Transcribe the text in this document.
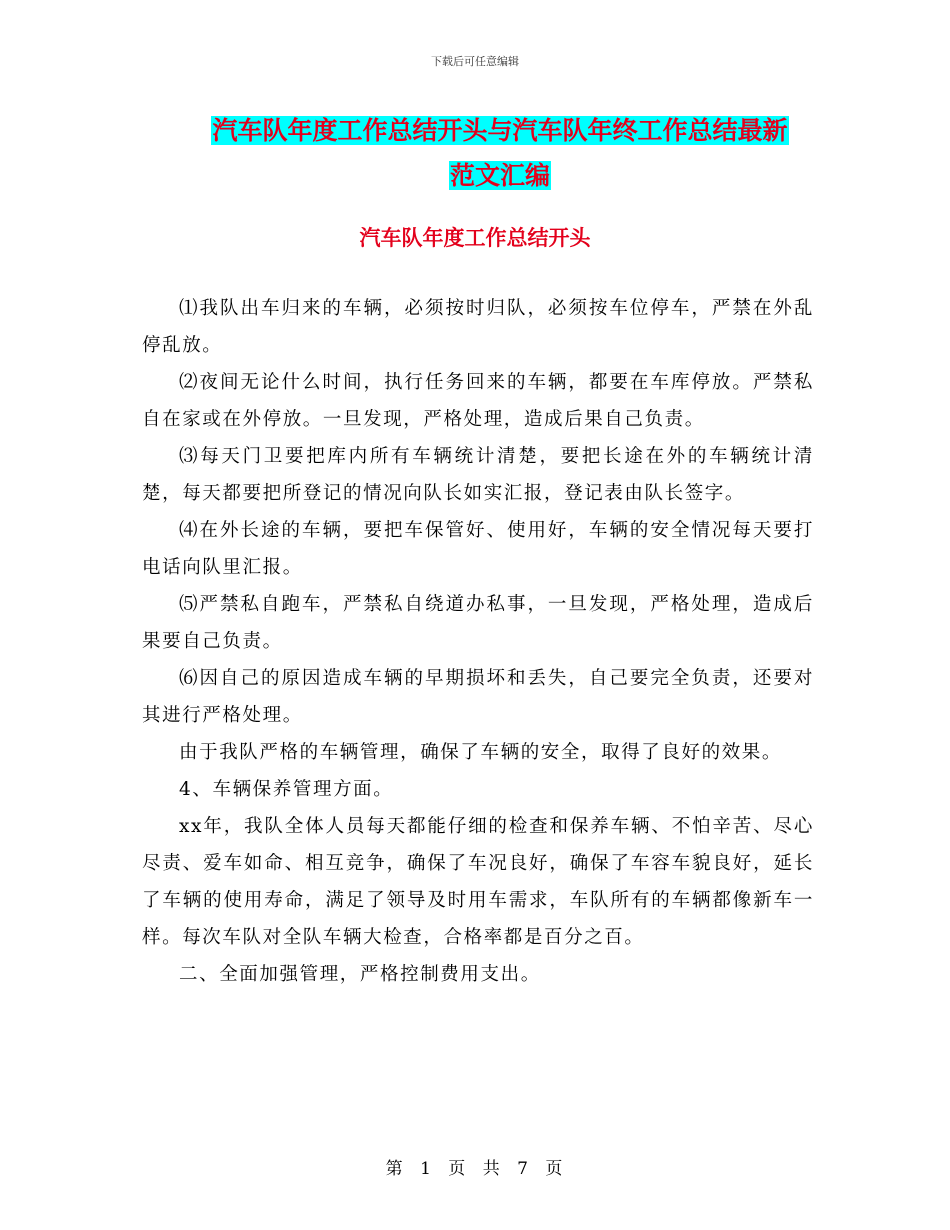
下载后可任意编辑
汽车队年度工作总结开头与汽车队年终工作总结最新
范文汇编
汽车队年度工作总结开头

⑴我队出车归来的车辆，必须按时归队，必须按车位停车，严禁在外乱停乱放。

⑵夜间无论什么时间，执行任务回来的车辆，都要在车库停放。严禁私自在家或在外停放。一旦发现，严格处理，造成后果自己负责。

⑶每天门卫要把库内所有车辆统计清楚，要把长途在外的车辆统计清楚，每天都要把所登记的情况向队长如实汇报，登记表由队长签字。

⑷在外长途的车辆，要把车保管好、使用好，车辆的安全情况每天要打电话向队里汇报。

⑸严禁私自跑车，严禁私自绕道办私事，一旦发现，严格处理，造成后果要自己负责。

⑹因自己的原因造成车辆的早期损坏和丢失，自己要完全负责，还要对其进行严格处理。

由于我队严格的车辆管理，确保了车辆的安全，取得了良好的效果。

4、车辆保养管理方面。

xx年，我队全体人员每天都能仔细的检查和保养车辆、不怕辛苦、尽心尽责、爱车如命、相互竞争，确保了车况良好，确保了车容车貌良好，延长了车辆的使用寿命，满足了领导及时用车需求，车队所有的车辆都像新车一样。每次车队对全队车辆大检查，合格率都是百分之百。

二、全面加强管理，严格控制费用支出。

第 1 页 共 7 页
